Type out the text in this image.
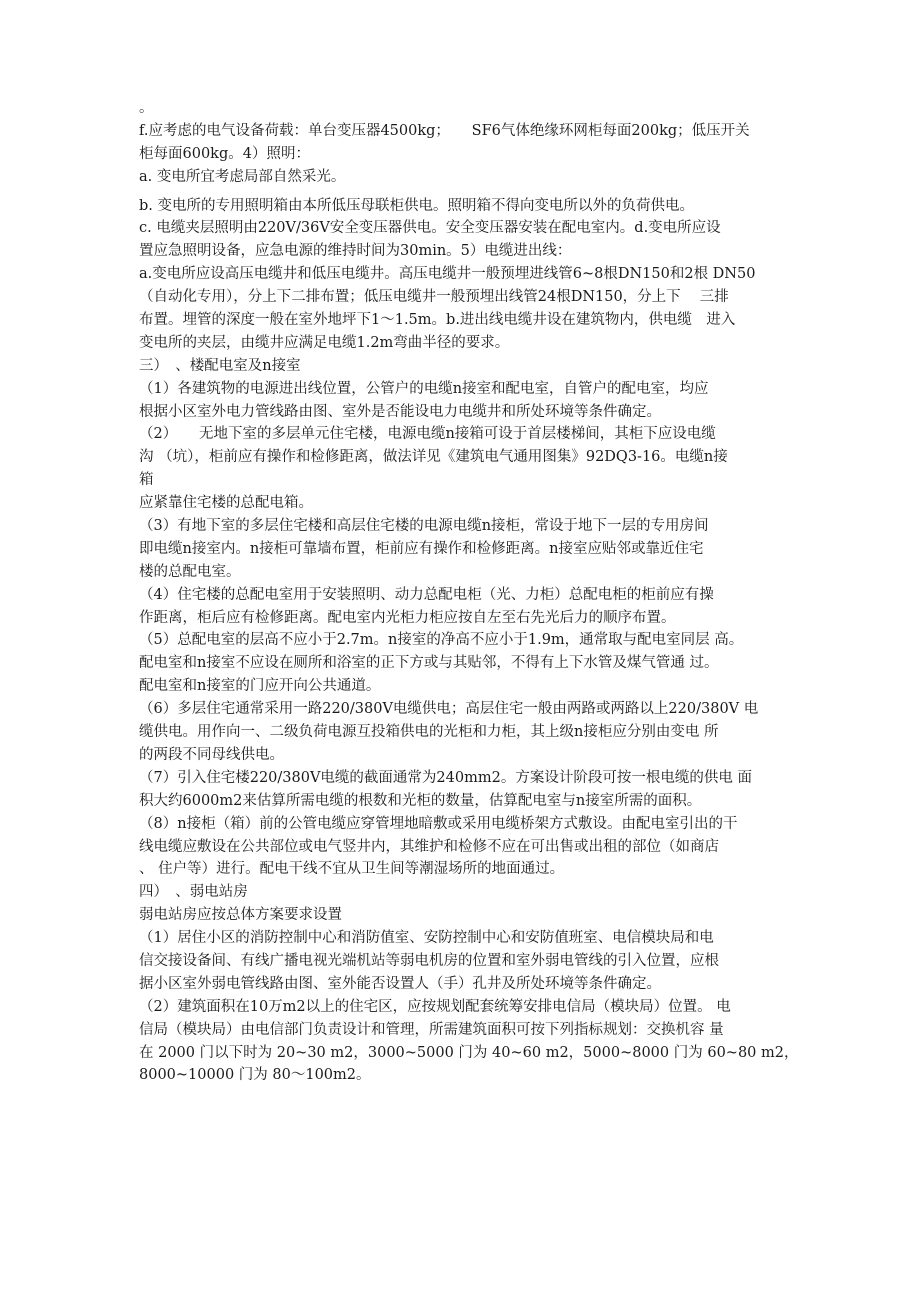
。
f.应考虑的电气设备荷载：单台变压器4500kg；　　SF6气体绝缘环网柜每面200kg；低压开关
柜每面600kg。4）照明：
a. 变电所宜考虑局部自然采光。
b. 变电所的专用照明箱由本所低压母联柜供电。照明箱不得向变电所以外的负荷供电。
c. 电缆夹层照明由220V/36V安全变压器供电。安全变压器安装在配电室内。d.变电所应设
置应急照明设备，应急电源的维持时间为30min。5）电缆进出线：
a.变电所应设高压电缆井和低压电缆井。高压电缆井一般预埋进线管6~8根DN150和2根 DN50
（自动化专用），分上下二排布置；低压电缆井一般预埋出线管24根DN150，分上下　 三排
布置。埋管的深度一般在室外地坪下1～1.5m。b.进出线电缆井设在建筑物内，供电缆　进入
变电所的夹层，由缆井应满足电缆1.2m弯曲半径的要求。
三）　、楼配电室及n接室
（1）各建筑物的电源进出线位置，公管户的电缆n接室和配电室，自管户的配电室，均应
根据小区室外电力管线路由图、室外是否能设电力电缆井和所处环境等条件确定。
（2）　　无地下室的多层单元住宅楼，电源电缆n接箱可设于首层楼梯间，其柜下应设电缆
沟 （坑），柜前应有操作和检修距离，做法详见《建筑电气通用图集》92DQ3-16。电缆n接
箱
应紧靠住宅楼的总配电箱。
（3）有地下室的多层住宅楼和高层住宅楼的电源电缆n接柜，常设于地下一层的专用房间
即电缆n接室内。n接柜可靠墙布置，柜前应有操作和检修距离。n接室应贴邻或靠近住宅
楼的总配电室。
（4）住宅楼的总配电室用于安装照明、动力总配电柜（光、力柜）总配电柜的柜前应有操
作距离，柜后应有检修距离。配电室内光柜力柜应按自左至右先光后力的顺序布置。
（5）总配电室的层高不应小于2.7m。n接室的净高不应小于1.9m，通常取与配电室同层 高。
配电室和n接室不应设在厕所和浴室的正下方或与其贴邻，不得有上下水管及煤气管通 过。
配电室和n接室的门应开向公共通道。
（6）多层住宅通常采用一路220/380V电缆供电；高层住宅一般由两路或两路以上220/380V 电
缆供电。用作向一、二级负荷电源互投箱供电的光柜和力柜，其上级n接柜应分别由变电 所
的两段不同母线供电。
（7）引入住宅楼220/380V电缆的截面通常为240mm2。方案设计阶段可按一根电缆的供电 面
积大约6000m2来估算所需电缆的根数和光柜的数量，估算配电室与n接室所需的面积。
（8）n接柜（箱）前的公管电缆应穿管埋地暗敷或采用电缆桥架方式敷设。由配电室引出的干
线电缆应敷设在公共部位或电气竖井内，其维护和检修不应在可出售或出租的部位（如商店
、 住户等）进行。配电干线不宜从卫生间等潮湿场所的地面通过。
四）　、弱电站房
弱电站房应按总体方案要求设置
（1）居住小区的消防控制中心和消防值室、安防控制中心和安防值班室、电信模块局和电
信交接设备间、有线广播电视光端机站等弱电机房的位置和室外弱电管线的引入位置，应根
据小区室外弱电管线路由图、室外能否设置人（手）孔井及所处环境等条件确定。
（2）建筑面积在10万m2以上的住宅区，应按规划配套统筹安排电信局（模块局）位置。 电
信局（模块局）由电信部门负责设计和管理，所需建筑面积可按下列指标规划：交换机容 量
在 2000 门以下时为 20~30 m2，3000~5000 门为 40~60 m2，5000~8000 门为 60~80 m2，
8000~10000 门为 80～100m2。
